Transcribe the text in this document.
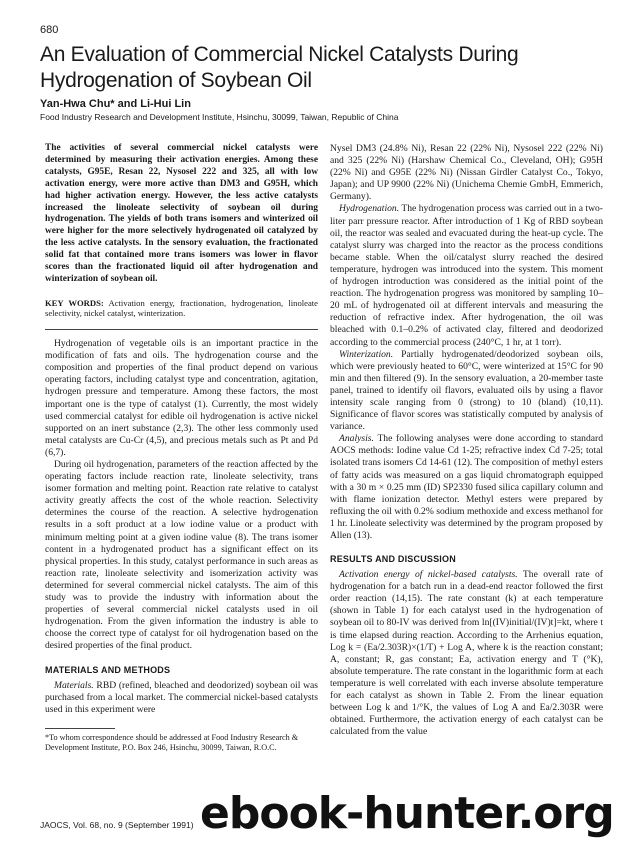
680
An Evaluation of Commercial Nickel Catalysts During Hydrogenation of Soybean Oil
Yan-Hwa Chu* and Li-Hui Lin
Food Industry Research and Development Institute, Hsinchu, 30099, Taiwan, Republic of China

The activities of several commercial nickel catalysts were determined by measuring their activation energies. Among these catalysts, G95E, Resan 22, Nysosel 222 and 325, all with low activation energy, were more active than DM3 and G95H, which had higher activation energy. However, the less active catalysts increased the linoleate selectivity of soybean oil during hydrogenation. The yields of both trans isomers and winterized oil were higher for the more selectively hydrogenated oil catalyzed by the less active catalysts. In the sensory evaluation, the fractionated solid fat that contained more trans isomers was lower in flavor scores than the fractionated liquid oil after hydrogenation and winterization of soybean oil.

KEY WORDS: Activation energy, fractionation, hydrogenation, linoleate selectivity, nickel catalyst, winterization.

Hydrogenation of vegetable oils is an important practice in the modification of fats and oils. The hydrogenation course and the composition and properties of the final product depend on various operating factors, including catalyst type and concentration, agitation, hydrogen pressure and temperature. Among these factors, the most important one is the type of catalyst (1). Currently, the most widely used commercial catalyst for edible oil hydrogenation is active nickel supported on an inert substance (2,3). The other less commonly used metal catalysts are Cu-Cr (4,5), and precious metals such as Pt and Pd (6,7).

During oil hydrogenation, parameters of the reaction affected by the operating factors include reaction rate, linoleate selectivity, trans isomer formation and melting point. Reaction rate relative to catalyst activity greatly affects the cost of the whole reaction. Selectivity determines the course of the reaction. A selective hydrogenation results in a soft product at a low iodine value or a product with minimum melting point at a given iodine value (8). The trans isomer content in a hydrogenated product has a significant effect on its physical properties. In this study, catalyst performance in such areas as reaction rate, linoleate selectivity and isomerization activity was determined for several commercial nickel catalysts. The aim of this study was to provide the industry with information about the properties of several commercial nickel catalysts used in oil hydrogenation. From the given information the industry is able to choose the correct type of catalyst for oil hydrogenation based on the desired properties of the final product.

MATERIALS AND METHODS

Materials. RBD (refined, bleached and deodorized) soybean oil was purchased from a local market. The commercial nickel-based catalysts used in this experiment were

*To whom correspondence should be addressed at Food Industry Research & Development Institute, P.O. Box 246, Hsinchu, 30099, Taiwan, R.O.C.

Nysel DM3 (24.8% Ni), Resan 22 (22% Ni), Nysosel 222 (22% Ni) and 325 (22% Ni) (Harshaw Chemical Co., Cleveland, OH); G95H (22% Ni) and G95E (22% Ni) (Nissan Girdler Catalyst Co., Tokyo, Japan); and UP 9900 (22% Ni) (Unichema Chemie GmbH, Emmerich, Germany).

Hydrogenation. The hydrogenation process was carried out in a two-liter parr pressure reactor. After introduction of 1 Kg of RBD soybean oil, the reactor was sealed and evacuated during the heat-up cycle. The catalyst slurry was charged into the reactor as the process conditions became stable. When the oil/catalyst slurry reached the desired temperature, hydrogen was introduced into the system. This moment of hydrogen introduction was considered as the initial point of the reaction. The hydrogenation progress was monitored by sampling 10–20 mL of hydrogenated oil at different intervals and measuring the reduction of refractive index. After hydrogenation, the oil was bleached with 0.1–0.2% of activated clay, filtered and deodorized according to the commercial process (240°C, 1 hr, at 1 torr).

Winterization. Partially hydrogenated/deodorized soybean oils, which were previously heated to 60°C, were winterized at 15°C for 90 min and then filtered (9). In the sensory evaluation, a 20-member taste panel, trained to identify oil flavors, evaluated oils by using a flavor intensity scale ranging from 0 (strong) to 10 (bland) (10,11). Significance of flavor scores was statistically computed by analysis of variance.

Analysis. The following analyses were done according to standard AOCS methods: Iodine value Cd 1-25; refractive index Cd 7-25; total isolated trans isomers Cd 14-61 (12). The composition of methyl esters of fatty acids was measured on a gas liquid chromatograph equipped with a 30 m × 0.25 mm (ID) SP2330 fused silica capillary column and with flame ionization detector. Methyl esters were prepared by refluxing the oil with 0.2% sodium methoxide and excess methanol for 1 hr. Linoleate selectivity was determined by the program proposed by Allen (13).

RESULTS AND DISCUSSION

Activation energy of nickel-based catalysts. The overall rate of hydrogenation for a batch run in a dead-end reactor followed the first order reaction (14,15). The rate constant (k) at each temperature (shown in Table 1) for each catalyst used in the hydrogenation of soybean oil to 80-IV was derived from ln[(IV)initial/(IV)t]=kt, where t is time elapsed during reaction. According to the Arrhenius equation, Log k = (Ea/2.303R)×(1/T) + Log A, where k is the reaction constant; A, constant; R, gas constant; Ea, activation energy and T (°K), absolute temperature. The rate constant in the logarithmic form at each temperature is well correlated with each inverse absolute temperature for each catalyst as shown in Table 2. From the linear equation between Log k and 1/°K, the values of Log A and Ea/2.303R were obtained. Furthermore, the activation energy of each catalyst can be calculated from the value

JAOCS, Vol. 68, no. 9 (September 1991) ebook-hunter.org
